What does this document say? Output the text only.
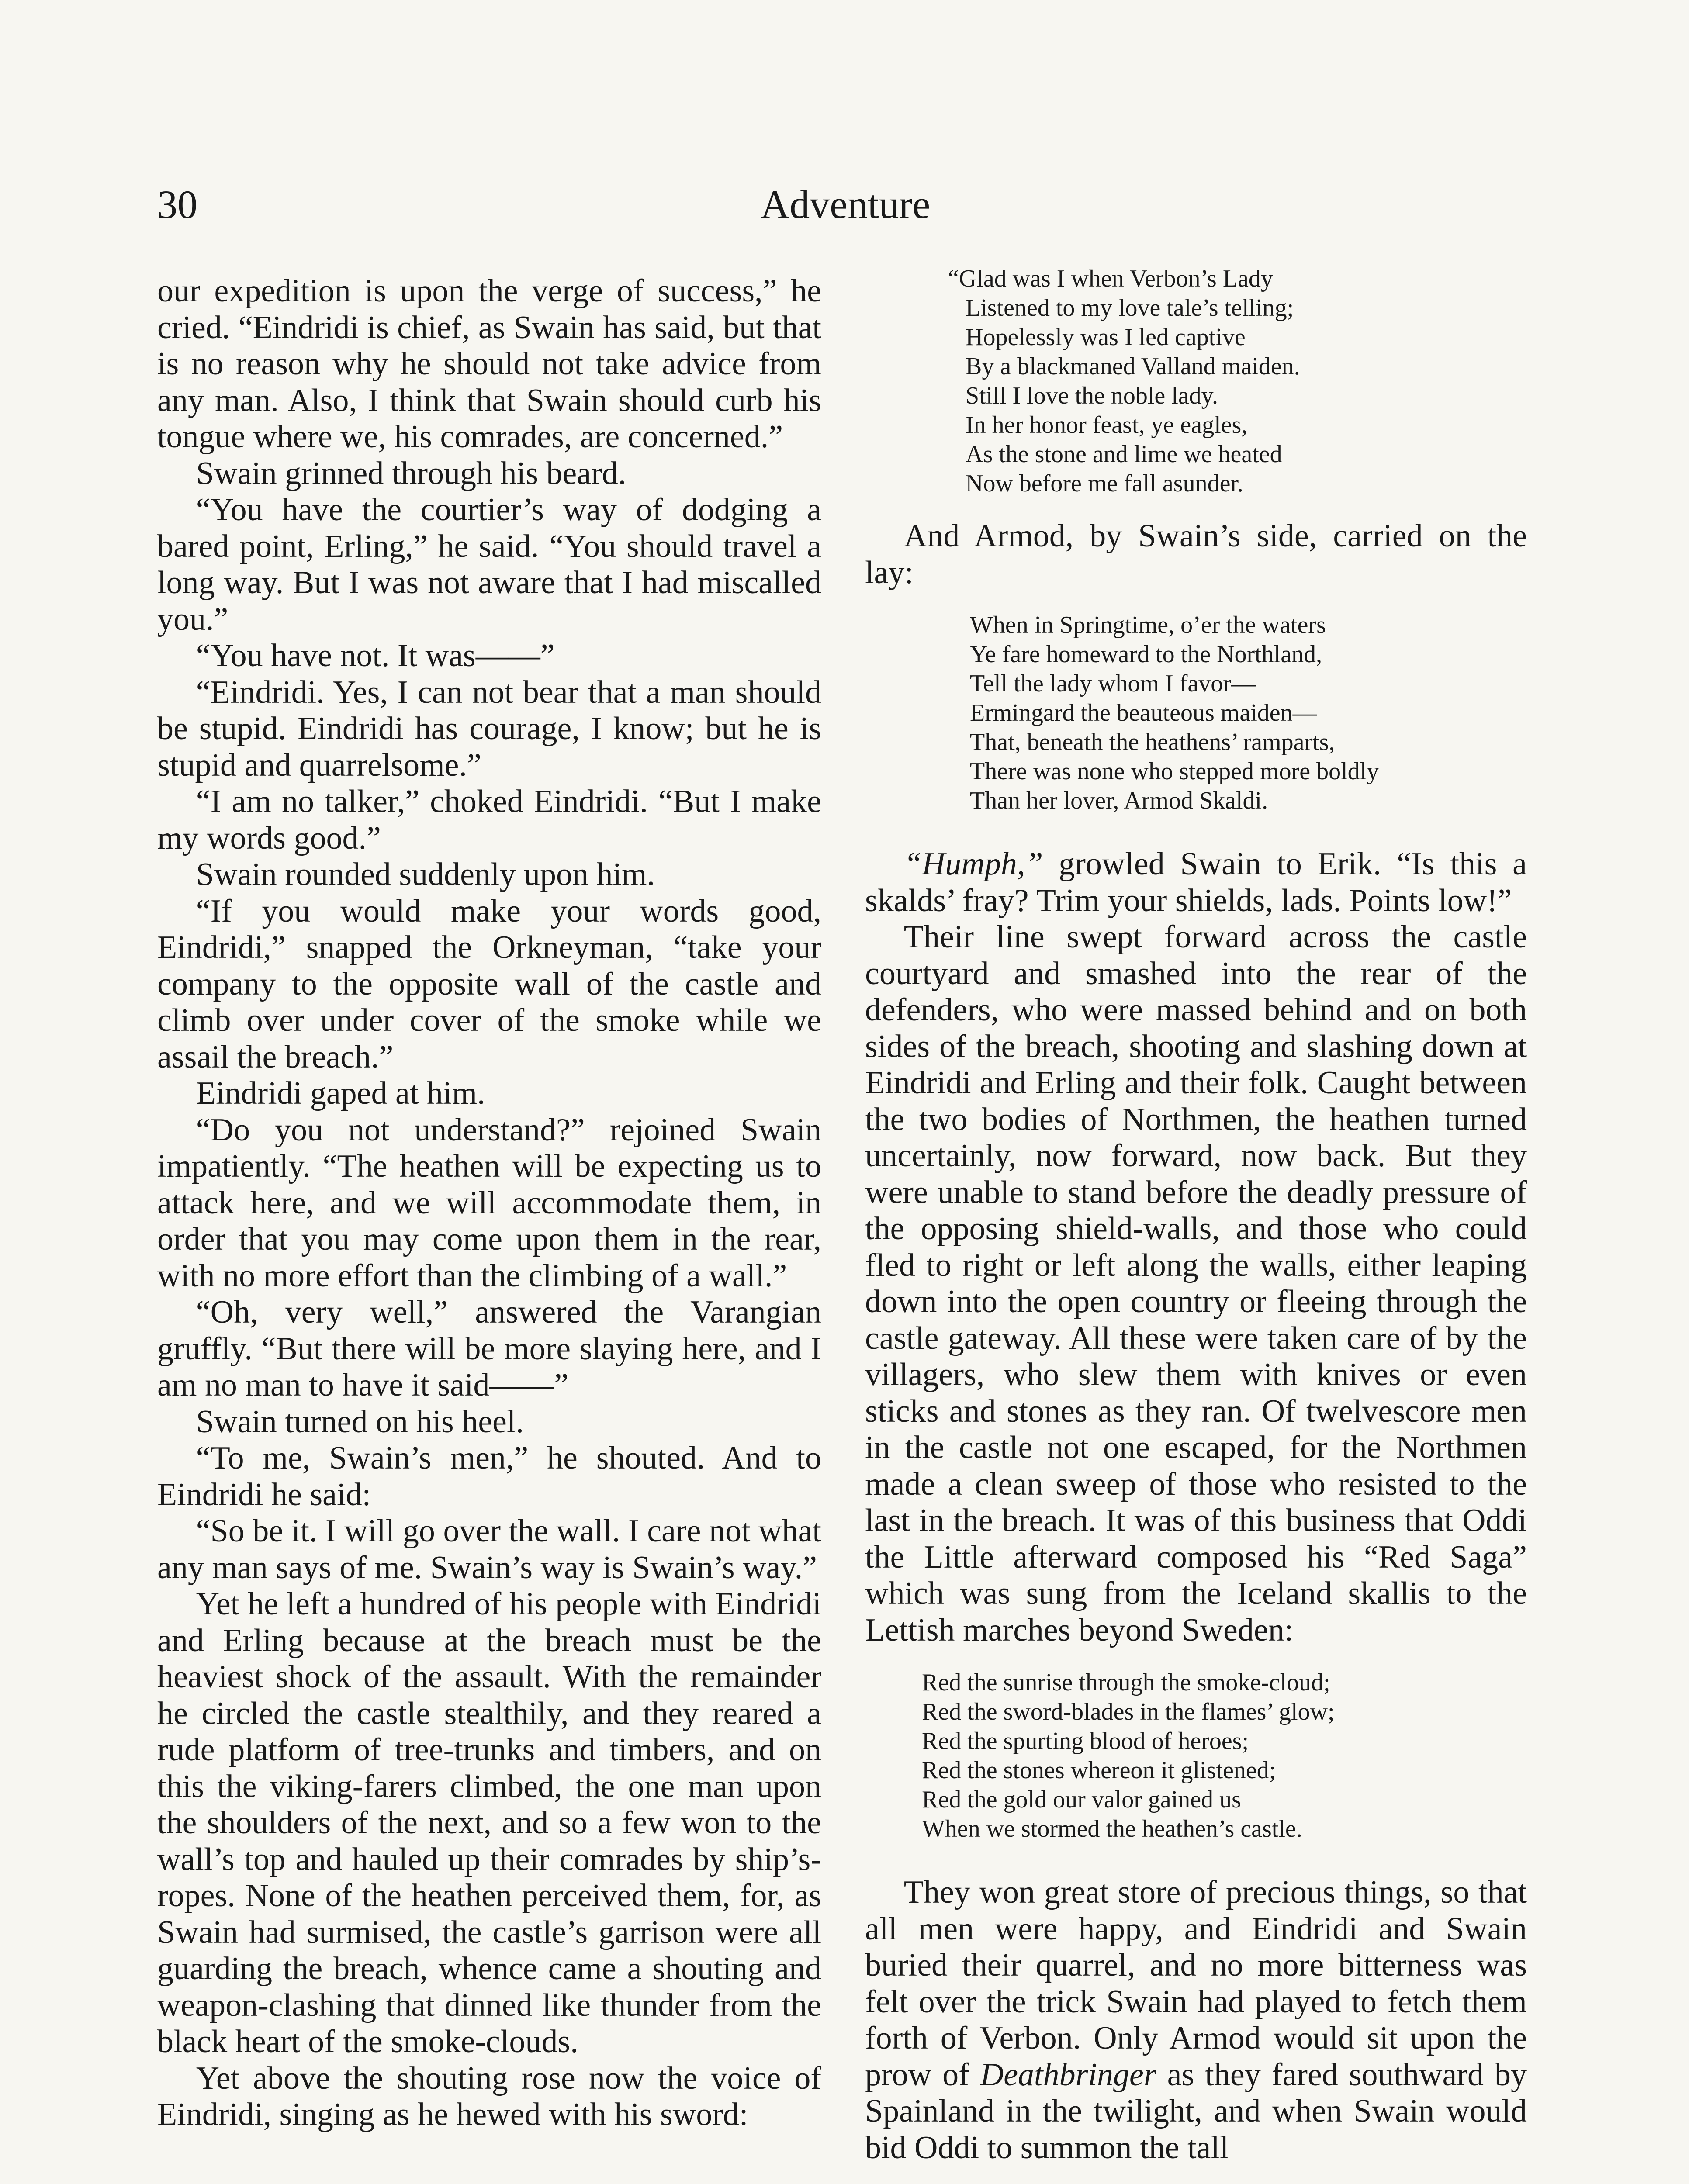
30	Adventure

our expedition is upon the verge of success,” he cried. “Eindridi is chief, as Swain has said, but that is no reason why he should not take advice from any man. Also, I think that Swain should curb his tongue where we, his comrades, are concerned.”

Swain grinned through his beard.

“You have the courtier’s way of dodging a bared point, Erling,” he said. “You should travel a long way. But I was not aware that I had miscalled you.”

“You have not. It was——”

“Eindridi. Yes, I can not bear that a man should be stupid. Eindridi has courage, I know; but he is stupid and quarrelsome.”

“I am no talker,” choked Eindridi. “But I make my words good.”

Swain rounded suddenly upon him.

“If you would make your words good, Eindridi,” snapped the Orkneyman, “take your company to the opposite wall of the castle and climb over under cover of the smoke while we assail the breach.”

Eindridi gaped at him.

“Do you not understand?” rejoined Swain impatiently. “The heathen will be expecting us to attack here, and we will accommodate them, in order that you may come upon them in the rear, with no more effort than the climbing of a wall.”

“Oh, very well,” answered the Varangian gruffly. “But there will be more slaying here, and I am no man to have it said——”

Swain turned on his heel.

“To me, Swain’s men,” he shouted. And to Eindridi he said:

“So be it. I will go over the wall. I care not what any man says of me. Swain’s way is Swain’s way.”

Yet he left a hundred of his people with Eindridi and Erling because at the breach must be the heaviest shock of the assault. With the remainder he circled the castle stealthily, and they reared a rude platform of tree-trunks and timbers, and on this the viking-farers climbed, the one man upon the shoulders of the next, and so a few won to the wall’s top and hauled up their comrades by ship’s-ropes. None of the heathen perceived them, for, as Swain had surmised, the castle’s garrison were all guarding the breach, whence came a shouting and weapon-clashing that dinned like thunder from the black heart of the smoke-clouds.

Yet above the shouting rose now the voice of Eindridi, singing as he hewed with his sword:

“Glad was I when Verbon’s Lady
Listened to my love tale’s telling;
Hopelessly was I led captive
By a blackmaned Valland maiden.
Still I love the noble lady.
In her honor feast, ye eagles,
As the stone and lime we heated
Now before me fall asunder.

And Armod, by Swain’s side, carried on the lay:

When in Springtime, o’er the waters
Ye fare homeward to the Northland,
Tell the lady whom I favor—
Ermingard the beauteous maiden—
That, beneath the heathens’ ramparts,
There was none who stepped more boldly
Than her lover, Armod Skaldi.

“Humph,” growled Swain to Erik. “Is this a skalds’ fray? Trim your shields, lads. Points low!”

Their line swept forward across the castle courtyard and smashed into the rear of the defenders, who were massed behind and on both sides of the breach, shooting and slashing down at Eindridi and Erling and their folk. Caught between the two bodies of Northmen, the heathen turned uncertainly, now forward, now back. But they were unable to stand before the deadly pressure of the opposing shield-walls, and those who could fled to right or left along the walls, either leaping down into the open country or fleeing through the castle gateway. All these were taken care of by the villagers, who slew them with knives or even sticks and stones as they ran. Of twelvescore men in the castle not one escaped, for the Northmen made a clean sweep of those who resisted to the last in the breach. It was of this business that Oddi the Little afterward composed his “Red Saga” which was sung from the Iceland skallis to the Lettish marches beyond Sweden:

Red the sunrise through the smoke-cloud;
Red the sword-blades in the flames’ glow;
Red the spurting blood of heroes;
Red the stones whereon it glistened;
Red the gold our valor gained us
When we stormed the heathen’s castle.

They won great store of precious things, so that all men were happy, and Eindridi and Swain buried their quarrel, and no more bitterness was felt over the trick Swain had played to fetch them forth of Verbon. Only Armod would sit upon the prow of Deathbringer as they fared southward by Spainland in the twilight, and when Swain would bid Oddi to summon the tall
